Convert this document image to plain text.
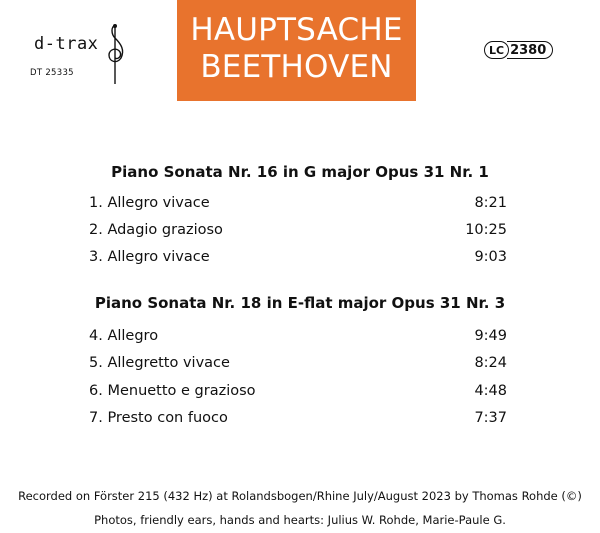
d-trax
DT 25335
HAUPTSACHE
BEETHOVEN	LC 2380
Piano Sonata Nr. 16 in G major Opus 31 Nr. 1
1. Allegro vivace	8:21
2. Adagio grazioso	10:25
3. Allegro vivace	9:03
Piano Sonata Nr. 18 in E-flat major Opus 31 Nr. 3
4. Allegro	9:49
5. Allegretto vivace	8:24
6. Menuetto e grazioso	4:48
7. Presto con fuoco	7:37
Recorded on Förster 215 (432 Hz) at Rolandsbogen/Rhine July/August 2023 by Thomas Rohde (©)
Photos, friendly ears, hands and hearts: Julius W. Rohde, Marie-Paule G.
